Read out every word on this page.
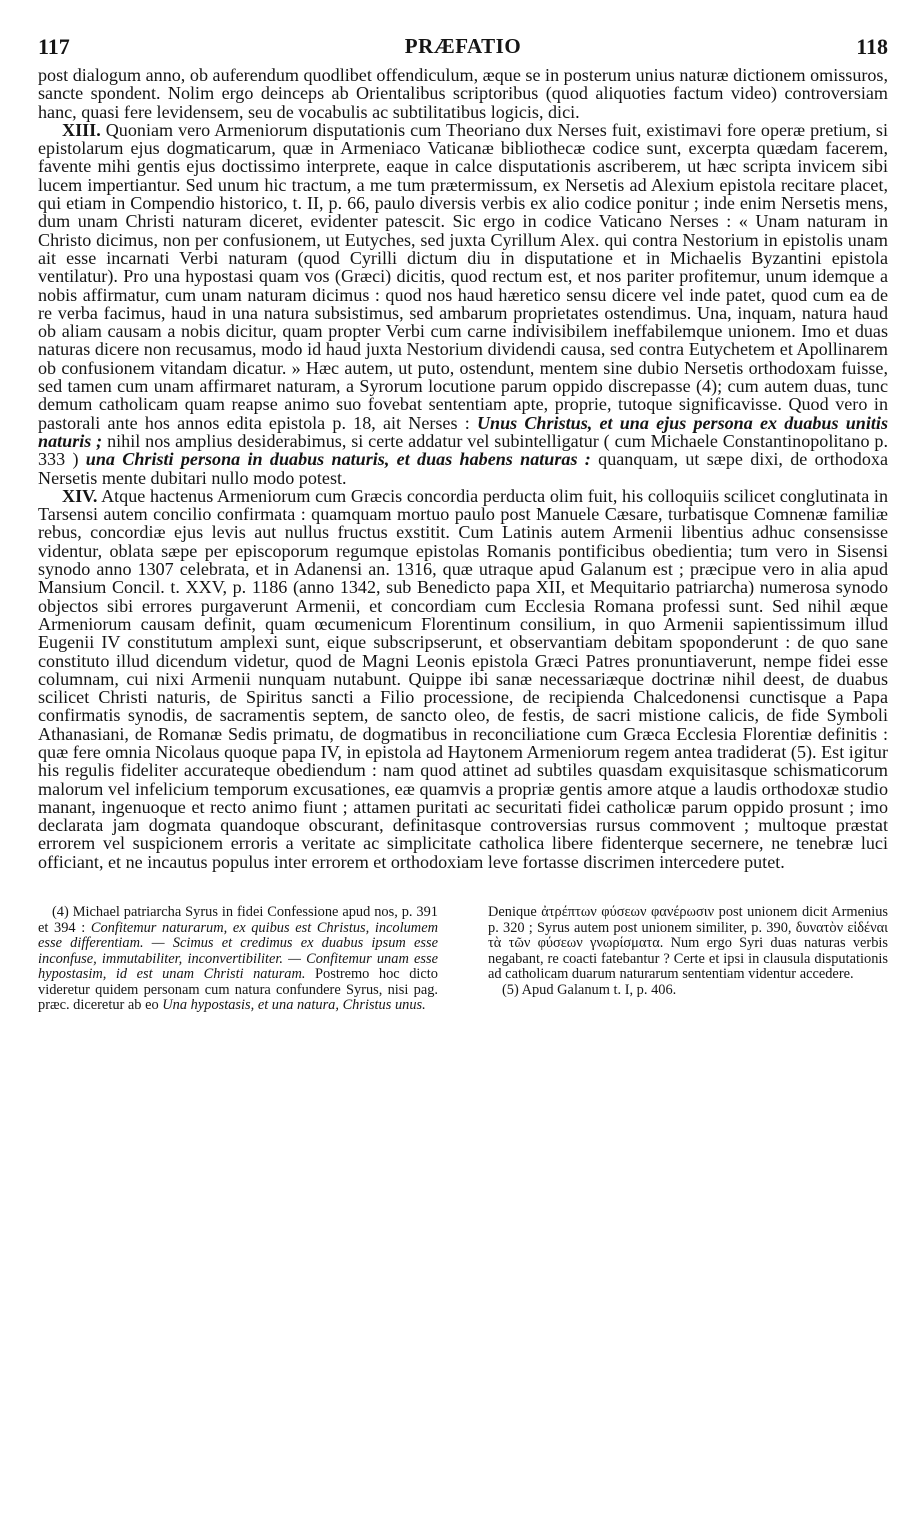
117	PRÆFATIO	118

post dialogum anno, ob auferendum quodlibet offendiculum, æque se in posterum unius naturæ dictionem omissuros, sancte spondent. Nolim ergo deinceps ab Orientalibus scriptoribus (quod aliquoties factum video) controversiam hanc, quasi fere levidensem, seu de vocabulis ac subtilitatibus logicis, dici.

XIII. Quoniam vero Armeniorum disputationis cum Theoriano dux Nerses fuit, existimavi fore operæ pretium, si epistolarum ejus dogmaticarum, quæ in Armeniaco Vaticanæ bibliothecæ codice sunt, excerpta quædam facerem, favente mihi gentis ejus doctissimo interprete, eaque in calce disputationis ascriberem, ut hæc scripta invicem sibi lucem impertiantur. Sed unum hic tractum, a me tum prætermissum, ex Nersetis ad Alexium epistola recitare placet, qui etiam in Compendio historico, t. II, p. 66, paulo diversis verbis ex alio codice ponitur ; inde enim Nersetis mens, dum unam Christi naturam diceret, evidenter patescit. Sic ergo in codice Vaticano Nerses : « Unam naturam in Christo dicimus, non per confusionem, ut Eutyches, sed juxta Cyrillum Alex. qui contra Nestorium in epistolis unam ait esse incarnati Verbi naturam (quod Cyrilli dictum diu in disputatione et in Michaelis Byzantini epistola ventilatur). Pro una hypostasi quam vos (Græci) dicitis, quod rectum est, et nos pariter profitemur, unum idemque a nobis affirmatur, cum unam naturam dicimus : quod nos haud hæretico sensu dicere vel inde patet, quod cum ea de re verba facimus, haud in una natura subsistimus, sed ambarum proprietates ostendimus. Una, inquam, natura haud ob aliam causam a nobis dicitur, quam propter Verbi cum carne indivisibilem ineffabilemque unionem. Imo et duas naturas dicere non recusamus, modo id haud juxta Nestorium dividendi causa, sed contra Eutychetem et Apollinarem ob confusionem vitandam dicatur. » Hæc autem, ut puto, ostendunt, mentem sine dubio Nersetis orthodoxam fuisse, sed tamen cum unam affirmaret naturam, a Syrorum locutione parum oppido discrepasse (4); cum autem duas, tunc demum catholicam quam reapse animo suo fovebat sententiam apte, proprie, tutoque significavisse. Quod vero in pastorali ante hos annos edita epistola p. 18, ait Nerses : Unus Christus, et una ejus persona ex duabus unitis naturis ; nihil nos amplius desiderabimus, si certe addatur vel subintelligatur ( cum Michaele Constantinopolitano p. 333 ) una Christi persona in duabus naturis, et duas habens naturas : quanquam, ut sæpe dixi, de orthodoxa Nersetis mente dubitari nullo modo potest.

XIV. Atque hactenus Armeniorum cum Græcis concordia perducta olim fuit, his colloquiis scilicet conglutinata in Tarsensi autem concilio confirmata : quamquam mortuo paulo post Manuele Cæsare, turbatisque Comnenæ familiæ rebus, concordiæ ejus levis aut nullus fructus exstitit. Cum Latinis autem Armenii libentius adhuc consensisse videntur, oblata sæpe per episcoporum regumque epistolas Romanis pontificibus obedientia; tum vero in Sisensi synodo anno 1307 celebrata, et in Adanensi an. 1316, quæ utraque apud Galanum est ; præcipue vero in alia apud Mansium Concil. t. XXV, p. 1186 (anno 1342, sub Benedicto papa XII, et Mequitario patriarcha) numerosa synodo objectos sibi errores purgaverunt Armenii, et concordiam cum Ecclesia Romana professi sunt. Sed nihil æque Armeniorum causam definit, quam œcumenicum Florentinum consilium, in quo Armenii sapientissimum illud Eugenii IV constitutum amplexi sunt, eique subscripserunt, et observantiam debitam spoponderunt : de quo sane constituto illud dicendum videtur, quod de Magni Leonis epistola Græci Patres pronuntiaverunt, nempe fidei esse columnam, cui nixi Armenii nunquam nutabunt. Quippe ibi sanæ necessariæque doctrinæ nihil deest, de duabus scilicet Christi naturis, de Spiritus sancti a Filio processione, de recipienda Chalcedonensi cunctisque a Papa confirmatis synodis, de sacramentis septem, de sancto oleo, de festis, de sacri mistione calicis, de fide Symboli Athanasiani, de Romanæ Sedis primatu, de dogmatibus in reconciliatione cum Græca Ecclesia Florentiæ definitis : quæ fere omnia Nicolaus quoque papa IV, in epistola ad Haytonem Armeniorum regem antea tradiderat (5). Est igitur his regulis fideliter accurateque obediendum : nam quod attinet ad subtiles quasdam exquisitasque schismaticorum malorum vel infelicium temporum excusationes, eæ quamvis a propriæ gentis amore atque a laudis orthodoxæ studio manant, ingenuoque et recto animo fiunt ; attamen puritati ac securitati fidei catholicæ parum oppido prosunt ; imo declarata jam dogmata quandoque obscurant, definitasque controversias rursus commovent ; multoque præstat errorem vel suspicionem erroris a veritate ac simplicitate catholica libere fidenterque secernere, ne tenebræ luci officiant, et ne incautus populus inter errorem et orthodoxiam leve fortasse discrimen intercedere putet.

(4) Michael patriarcha Syrus in fidei Confessione apud nos, p. 391 et 394 : Confitemur naturarum, ex quibus est Christus, incolumem esse differentiam. — Scimus et credimus ex duabus ipsum esse inconfuse, immutabiliter, inconvertibiliter. — Confitemur unam esse hypostasim, id est unam Christi naturam. Postremo hoc dicto videretur quidem personam cum natura confundere Syrus, nisi pag. præc. diceretur ab eo Una hypostasis, et una natura, Christus unus.

Denique ἀτρέπτων φύσεων φανέρωσιν post unionem dicit Armenius p. 320 ; Syrus autem post unionem similiter, p. 390, δυνατὸν εἰδέναι τὰ τῶν φύσεων γνωρίσματα. Num ergo Syri duas naturas verbis negabant, re coacti fatebantur ? Certe et ipsi in clausula disputationis ad catholicam duarum naturarum sententiam videntur accedere.

(5) Apud Galanum t. I, p. 406.
